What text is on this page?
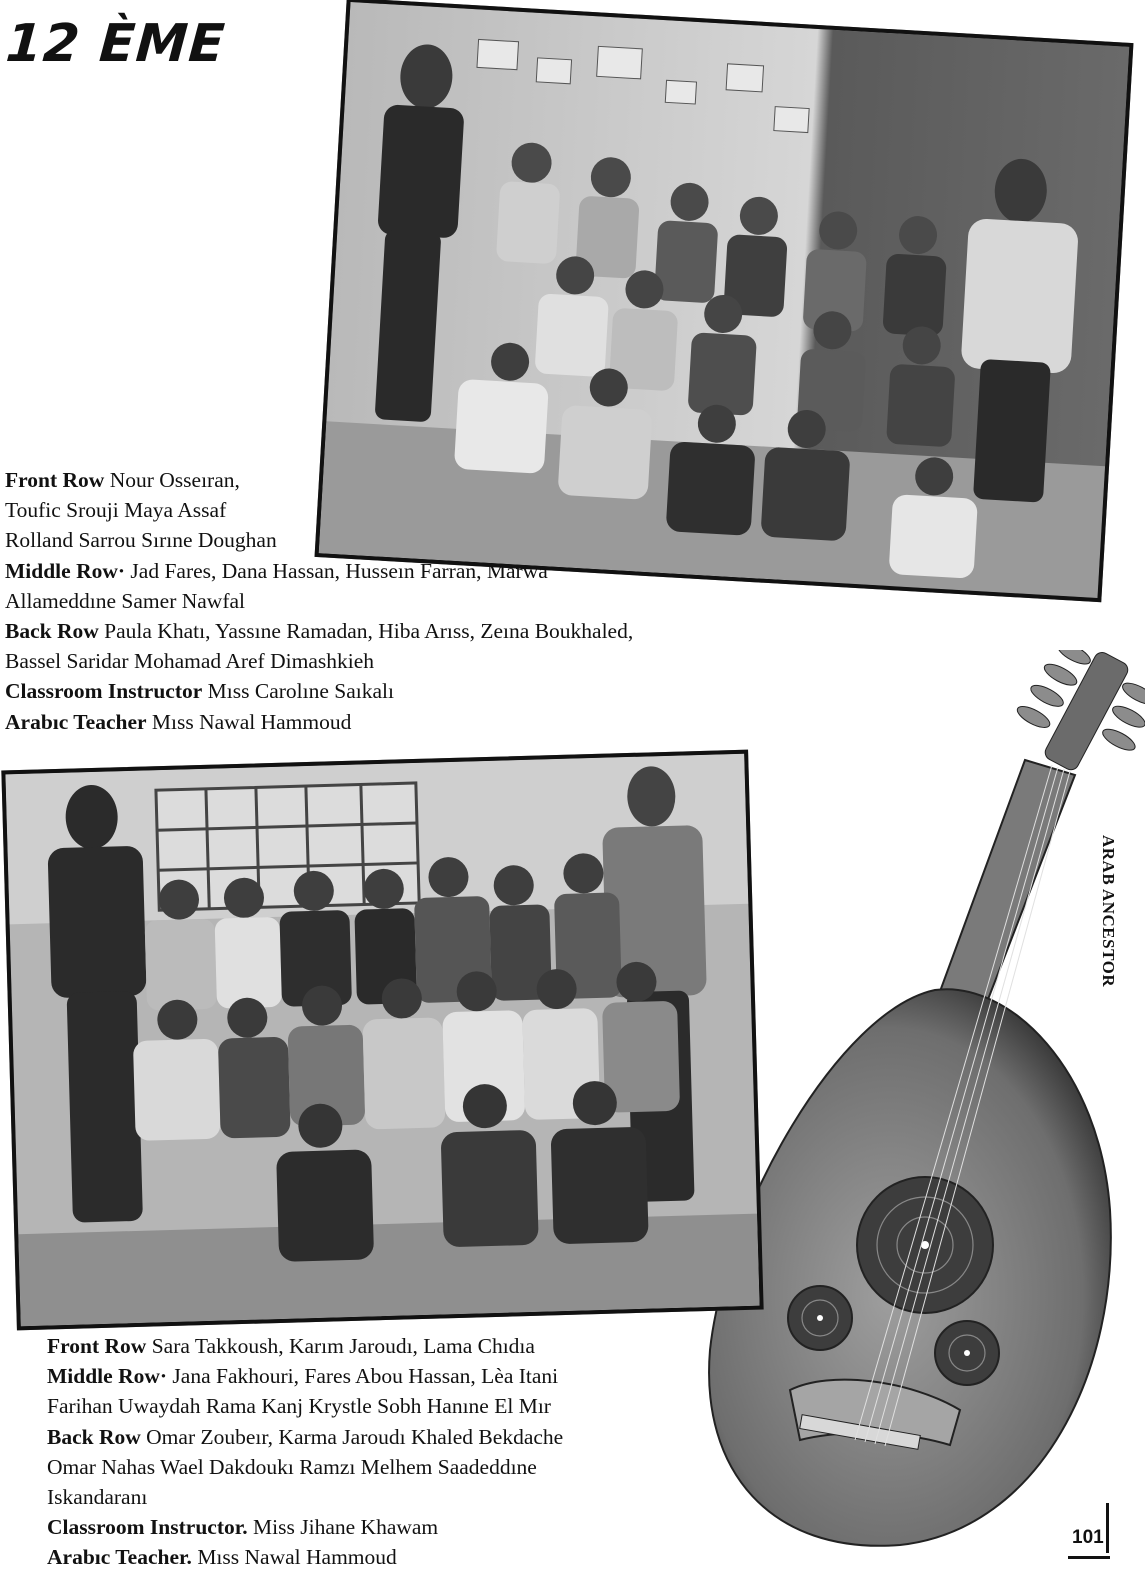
12 ÈME
Front Row Nour Osseıran,
Toufic Srouji Maya Assaf
Rolland Sarrou Sırıne Doughan
Middle Row· Jad Fares, Dana Hassan, Husseın Farran, Marwa
Allameddıne Samer Nawfal
Back Row Paula Khatı, Yassıne Ramadan, Hiba Arıss, Zeına Boukhaled,
Bassel Saridar Mohamad Aref Dimashkieh
Classroom Instructor Mıss Carolıne Saıkalı
Arabıc Teacher Mıss Nawal Hammoud
Front Row Sara Takkoush, Karım Jaroudı, Lama Chıdıa
Middle Row· Jana Fakhouri, Fares Abou Hassan, Lèa Itani
Farihan Uwaydah Rama Kanj Krystle Sobh Hanıne El Mır
Back Row Omar Zoubeır, Karma Jaroudı Khaled Bekdache
Omar Nahas Wael Dakdoukı Ramzı Melhem Saadeddıne
Iskandaranı
Classroom Instructor. Miss Jihane Khawam
Arabıc Teacher. Mıss Nawal Hammoud
ARAB ANCESTOR
101
